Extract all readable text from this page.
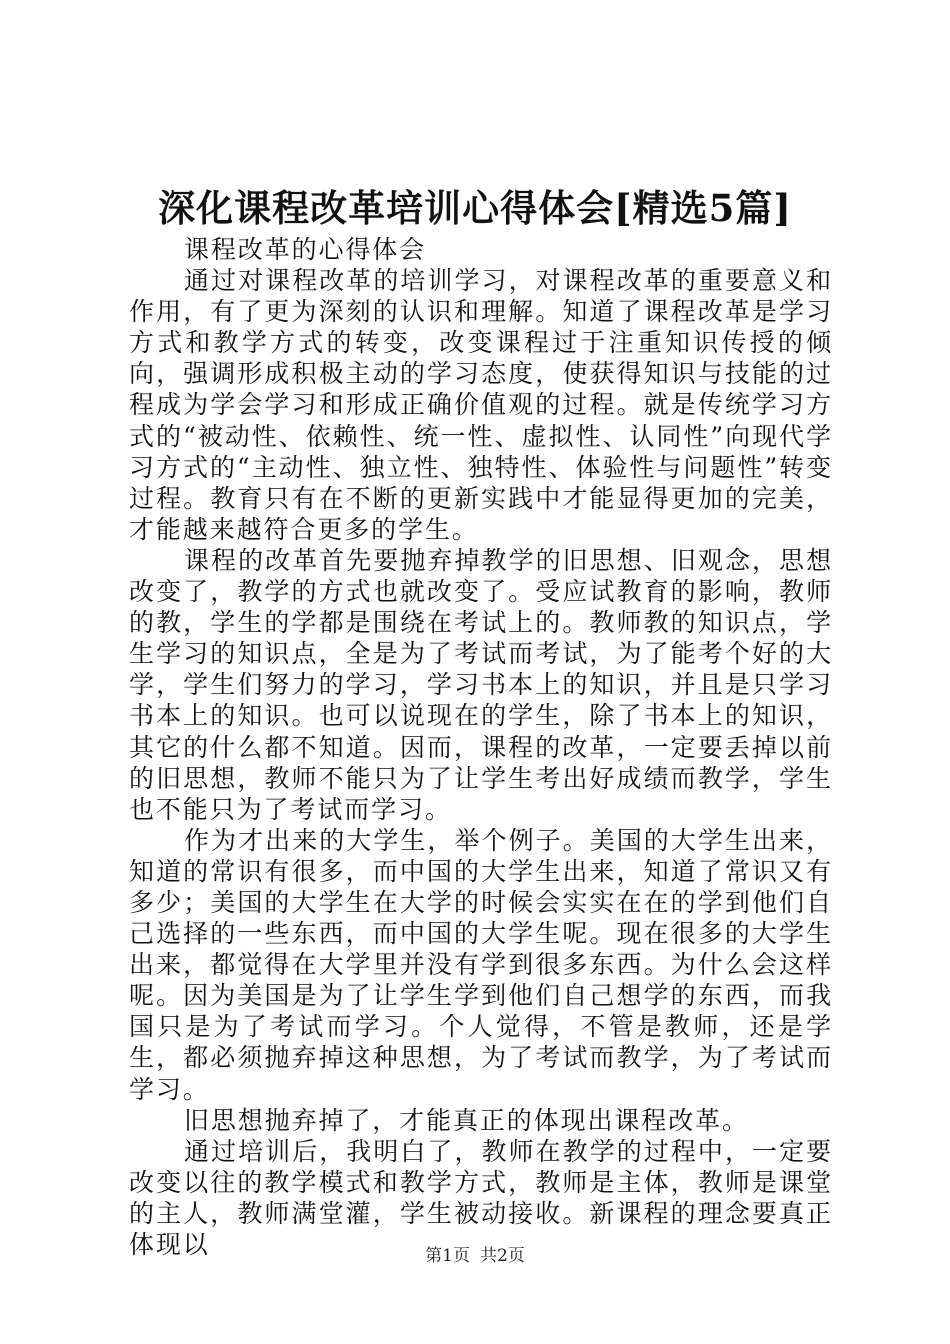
深化课程改革培训心得体会[精选5篇]

课程改革的心得体会

通过对课程改革的培训学习，对课程改革的重要意义和作用，有了更为深刻的认识和理解。知道了课程改革是学习方式和教学方式的转变，改变课程过于注重知识传授的倾向，强调形成积极主动的学习态度，使获得知识与技能的过程成为学会学习和形成正确价值观的过程。就是传统学习方式的“被动性、依赖性、统一性、虚拟性、认同性”向现代学习方式的“主动性、独立性、独特性、体验性与问题性”转变过程。教育只有在不断的更新实践中才能显得更加的完美，才能越来越符合更多的学生。

课程的改革首先要抛弃掉教学的旧思想、旧观念，思想改变了，教学的方式也就改变了。受应试教育的影响，教师的教，学生的学都是围绕在考试上的。教师教的知识点，学生学习的知识点，全是为了考试而考试，为了能考个好的大学，学生们努力的学习，学习书本上的知识，并且是只学习书本上的知识。也可以说现在的学生，除了书本上的知识，其它的什么都不知道。因而，课程的改革，一定要丢掉以前的旧思想，教师不能只为了让学生考出好成绩而教学，学生也不能只为了考试而学习。

作为才出来的大学生，举个例子。美国的大学生出来，知道的常识有很多，而中国的大学生出来，知道了常识又有多少；美国的大学生在大学的时候会实实在在的学到他们自己选择的一些东西，而中国的大学生呢。现在很多的大学生出来，都觉得在大学里并没有学到很多东西。为什么会这样呢。因为美国是为了让学生学到他们自己想学的东西，而我国只是为了考试而学习。个人觉得，不管是教师，还是学生，都必须抛弃掉这种思想，为了考试而教学，为了考试而学习。

旧思想抛弃掉了，才能真正的体现出课程改革。

通过培训后，我明白了，教师在教学的过程中，一定要改变以往的教学模式和教学方式，教师是主体，教师是课堂的主人，教师满堂灌，学生被动接收。新课程的理念要真正体现以	第1页 共2页
